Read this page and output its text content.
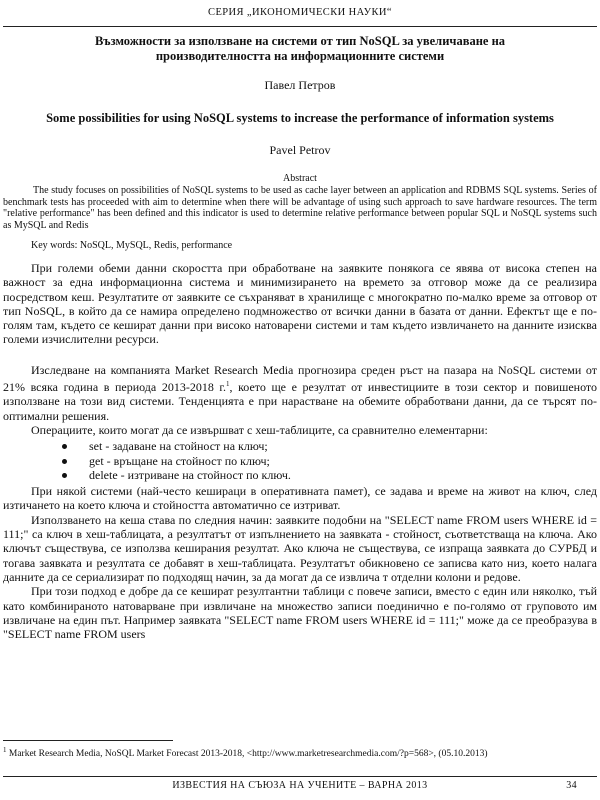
СЕРИЯ „ИКОНОМИЧЕСКИ НАУКИ“
Възможности за използване на системи от тип NoSQL за увеличаване на производителността на информационните системи
Павел Петров
Some possibilities for using NoSQL systems to increase the performance of information systems
Pavel Petrov
Abstract
The study focuses on possibilities of NoSQL systems to be used as cache layer between an application and RDBMS SQL systems. Series of benchmark tests has proceeded with aim to determine when there will be advantage of using such approach to save hardware resources. The term "relative performance" has been defined and this indicator is used to determine relative performance between popular SQL и NoSQL systems such as MySQL and Redis
Key words: NoSQL, MySQL, Redis, performance

При големи обеми данни скоростта при обработване на заявките понякога се явява от висока степен на важност за една информационна система и минимизирането на времето за отговор може да се реализира посредством кеш. Резултатите от заявките се съхраняват в хранилище с многократно по-малко време за отговор от тип NoSQL, в който да се намира определено подмножество от всички данни в базата от данни. Ефектът ще е по-голям там, където се кешират данни при високо натоварени системи и там където извличането на данните изисква големи изчислителни ресурси.

Изследване на компанията Market Research Media прогнозира среден ръст на пазара на NoSQL системи от 21% всяка година в периода 2013-2018 г.$^1$, което ще е резултат от инвестициите в този сектор и повишеното използване на този вид системи. Тенденцията е при нарастване на обемите обработвани данни, да се търсят по-оптимални решения.

Операциите, които могат да се извършват с хеш-таблиците, са сравнително елементарни:

set - задаване на стойност на ключ;
get - връщане на стойност по ключ;
delete - изтриване на стойност по ключ.

При някой системи (най-често кешираци в оперативната памет), се задава и време на живот на ключ, след изтичането на което ключа и стойността автоматично се изтриват.

Използването на кеша става по следния начин: заявките подобни на "SELECT name FROM users WHERE id = 111;" са ключ в хеш-таблицата, а резултатът от изпълнението на заявката - стойност, съответстваща на ключа. Ако ключът съществува, се използва кеширания резултат. Ако ключа не съществува, се изпраща заявката до СУРБД и тогава заявката и резултата се добавят в хеш-таблицата. Резултатът обикновено се записва като низ, което налага данните да се сериализират по подходящ начин, за да могат да се извлича т отделни колони и редове.

При този подход е добре да се кешират резултантни таблици с повече записи, вместо с един или няколко, тъй като комбинираното натоварване при извличане на множество записи поединично е по-голямо от груповото им извличане на един път. Например заявката "SELECT name FROM users WHERE id = 111;" може да се преобразува в "SELECT name FROM users

$^1$ Market Research Media, NoSQL Market Forecast 2013-2018, <http://www.marketresearchmedia.com/?p=568>, (05.10.2013)
ИЗВЕСТИЯ НА СЪЮЗА НА УЧЕНИТЕ – ВАРНА 2013	34
